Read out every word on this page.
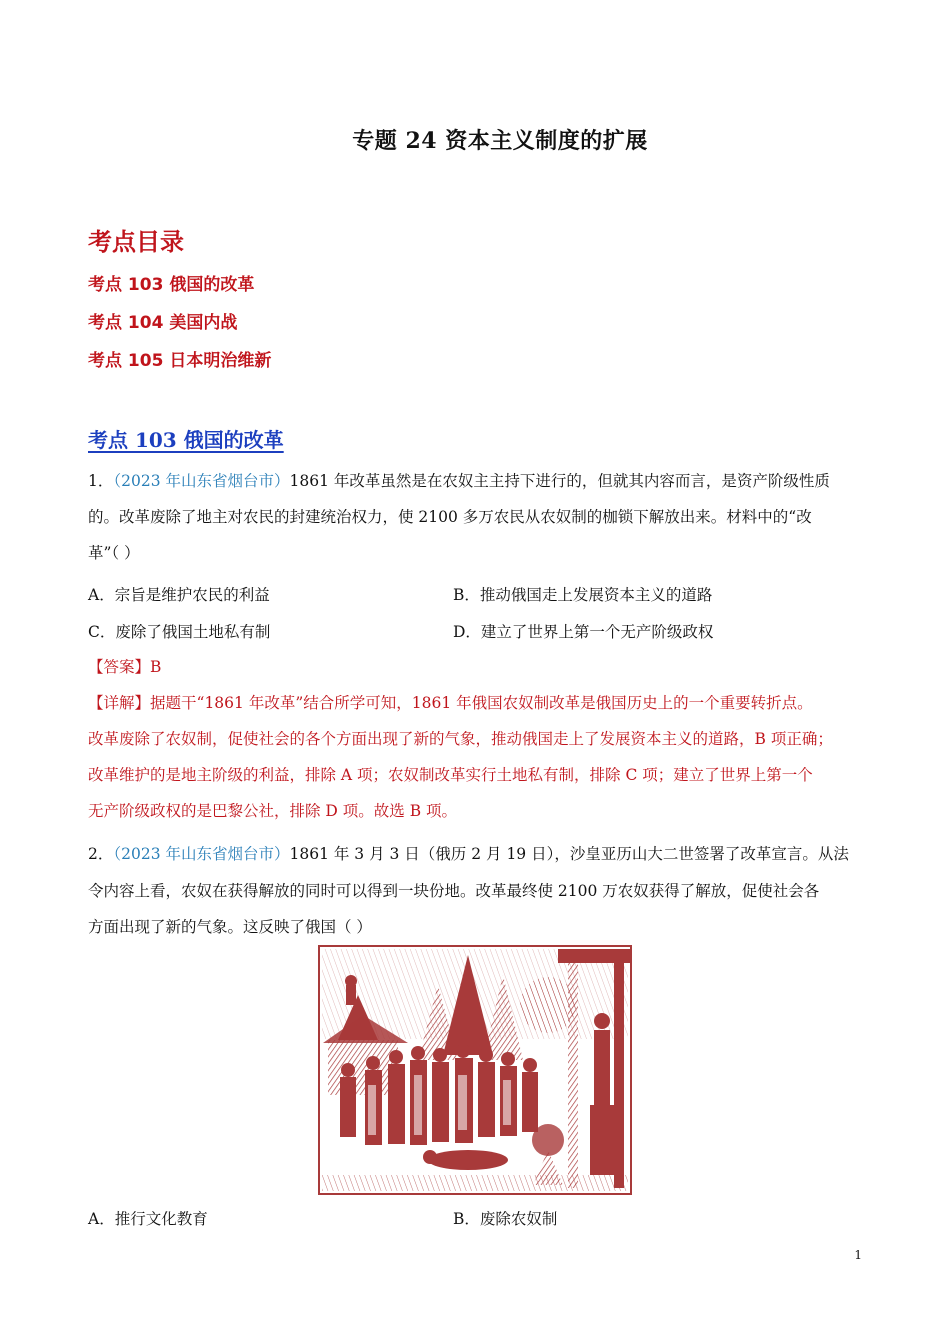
专题 24 资本主义制度的扩展
考点目录
考点 103 俄国的改革
考点 104 美国内战
考点 105 日本明治维新
考点 103 俄国的改革
1．（2023 年山东省烟台市）1861 年改革虽然是在农奴主主持下进行的，但就其内容而言，是资产阶级性质
的。改革废除了地主对农民的封建统治权力，使 2100 多万农民从农奴制的枷锁下解放出来。材料中的“改
革”（ ）
A．宗旨是维护农民的利益	B．推动俄国走上发展资本主义的道路
C．废除了俄国土地私有制	D．建立了世界上第一个无产阶级政权
【答案】B
【详解】据题干“1861 年改革”结合所学可知，1861 年俄国农奴制改革是俄国历史上的一个重要转折点。
改革废除了农奴制，促使社会的各个方面出现了新的气象，推动俄国走上了发展资本主义的道路，B 项正确；
改革维护的是地主阶级的利益，排除 A 项；农奴制改革实行土地私有制，排除 C 项；建立了世界上第一个
无产阶级政权的是巴黎公社，排除 D 项。故选 B 项。
2．（2023 年山东省烟台市）1861 年 3 月 3 日（俄历 2 月 19 日），沙皇亚历山大二世签署了改革宣言。从法
令内容上看，农奴在获得解放的同时可以得到一块份地。改革最终使 2100 万农奴获得了解放，促使社会各
方面出现了新的气象。这反映了俄国（ ）
A．推行文化教育	B．废除农奴制
1
